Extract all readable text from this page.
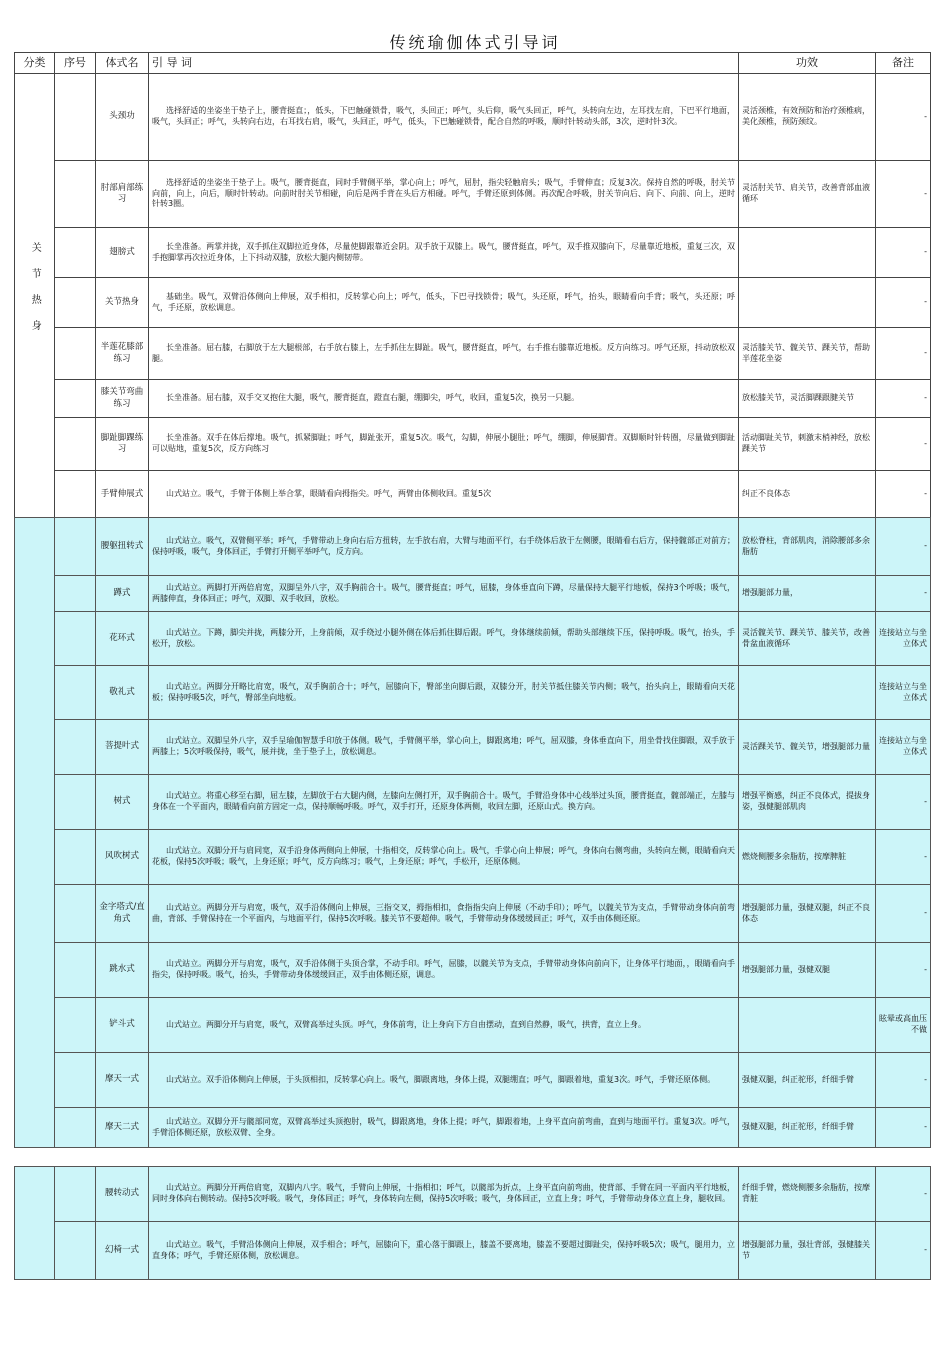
传统瑜伽体式引导词
分类	序号	体式名	引 导 词	功效	备注
关节热身		头颈功	选择舒适的坐姿坐于垫子上，腰背挺直；，低头，下巴触碰锁骨，吸气，头回正；呼气，头后仰，吸气头回正，呼气，头转向左边，左耳找左肩，下巴平行地面，吸气，头回正；呼气，头转向右边，右耳找右肩，吸气，头回正，呼气，低头，下巴触碰锁骨，配合自然的呼吸，顺时针转动头部，3次，逆时针3次。	灵活颈椎，有效预防和治疗颈椎病，美化颈椎，预防颈纹。	-
		肘部肩部练习	选择舒适的坐姿坐于垫子上。吸气，腰背挺直，同时手臂侧平举，掌心向上；呼气，屈肘，指尖轻触肩头；吸气，手臂伸直；反复3次。保持自然的呼吸，肘关节向前，向上，向后，顺时针转动。向前时肘关节相碰，向后是两手背在头后方相碰。呼气，手臂还原到体侧。再次配合呼吸，肘关节向后、向下、向前、向上，逆时针转3圈。	灵活肘关节、肩关节，改善背部血液循环	-
		翅膀式	长坐准备。两掌并拢，双手抓住双脚拉近身体，尽量使脚跟靠近会阴。双手放于双膝上。吸气，腰背挺直，呼气，双手推双膝向下，尽量靠近地板，重复三次，双手抱脚掌再次拉近身体，上下抖动双膝，放松大腿内侧韧带。		-
		关节热身	基础坐。吸气，双臂沿体侧向上伸展，双手相扣，反转掌心向上；呼气，低头，下巴寻找锁骨；吸气，头还原，呼气，抬头，眼睛看向手背；吸气，头还原；呼气，手还原，放松调息。		-
		半莲花膝部练习	长坐准备。屈右膝，右脚放于左大腿根部，右手放右膝上，左手抓住左脚趾。吸气，腰背挺直，呼气，右手推右膝靠近地板。反方向练习。呼气还原，抖动放松双腿。	灵活膝关节、髋关节、踝关节，帮助半莲花坐姿	-
		膝关节弯曲练习	长坐准备。屈右膝，双手交叉抱住大腿，吸气，腰背挺直，蹬直右腿，绷脚尖，呼气，收回，重复5次，换另一只腿。	放松膝关节，灵活脚踝跟腱关节	-
		脚趾脚踝练习	长坐准备。双手在体后撑地。吸气，抓紧脚趾；呼气，脚趾张开，重复5次。吸气，勾脚，伸展小腿肚；呼气，绷脚，伸展脚背。双脚顺时针转圈，尽量做到脚趾可以贴地，重复5次，反方向练习	活动脚趾关节，刺激末梢神经，放松踝关节	-
		手臂伸展式	山式站立。吸气，手臂于体侧上举合掌，眼睛看向拇指尖。呼气，两臂由体侧收回。重复5次	纠正不良体态	-
		腰躯扭转式	山式站立。吸气，双臂侧平举；呼气，手臂带动上身向右后方扭转，左手放右肩，大臂与地面平行，右手绕体后放于左侧腰，眼睛看右后方，保持髋部正对前方；保持呼吸，吸气，身体回正，手臂打开侧平举呼气，反方向。	放松脊柱，背部肌肉，消除腰部多余脂肪	-
		蹲式	山式站立。两脚打开两倍肩宽，双脚呈外八字，双手胸前合十。吸气，腰背挺直；呼气，屈膝，身体垂直向下蹲，尽量保持大腿平行地板，保持3个呼吸；吸气，两膝伸直，身体回正；呼气，双脚、双手收回，放松。	增强腿部力量，	-
		花环式	山式站立。下蹲，脚尖并拢，两膝分开，上身前倾，双手绕过小腿外侧在体后抓住脚后跟。呼气，身体继续前倾，帮助头部继续下压，保持呼吸。吸气，抬头，手松开，放松。	灵活髋关节、踝关节、膝关节，改善骨盆血液循环	连接站立与坐立体式
		敬礼式	山式站立。两脚分开略比肩宽，吸气，双手胸前合十；呼气，屈膝向下，臀部坐向脚后跟，双膝分开，肘关节抵住膝关节内侧；吸气，抬头向上，眼睛看向天花板；保持呼吸5次，呼气，臀部坐向地板。		连接站立与坐立体式
		菩提叶式	山式站立。双脚呈外八字，双手呈瑜伽智慧手印放于体侧。吸气，手臂侧平举，掌心向上，脚跟离地；呼气，屈双膝，身体垂直向下，用坐骨找住脚跟，双手放于两膝上；5次呼吸保持，吸气，展并拢，坐于垫子上，放松调息。	灵活踝关节、髋关节，增强腿部力量	连接站立与坐立体式
		树式	山式站立。将重心移至右脚，屈左膝，左脚放于右大腿内侧，左膝向左侧打开，双手胸前合十。吸气，手臂沿身体中心线举过头顶，腰背挺直，髋部端正，左膝与身体在一个平面内，眼睛看向前方固定一点，保持顺畅呼吸。呼气，双手打开，还原身体两侧，收回左脚，还原山式。换方向。	增强平衡感，纠正不良体式，提拔身姿，强健腿部肌肉	-
		风吹树式	山式站立。双脚分开与肩同宽，双手沿身体两侧向上伸展，十指相交，反转掌心向上。吸气，手掌心向上伸展；呼气，身体向右侧弯曲，头转向左侧，眼睛看向天花板，保持5次呼吸；吸气，上身还原；呼气，反方向练习；吸气，上身还原；呼气，手松开，还原体侧。	燃烧侧腰多余脂肪，按摩脾脏	-
		金字塔式/直角式	山式站立。两脚分开与肩宽，吸气，双手沿体侧向上伸展，三指交叉，拇指相扣，食指指尖向上伸展（不动手印）；呼气，以髋关节为支点，手臂带动身体向前弯曲，背部、手臂保持在一个平面内，与地面平行，保持5次呼吸。膝关节不要超伸。吸气，手臂带动身体缓缓回正；呼气，双手由体侧还原。	增强腿部力量，强健双腿，纠正不良体态	-
		跳水式	山式站立。两脚分开与肩宽，吸气，双手沿体侧于头顶合掌，不动手印。呼气，屈膝，以髋关节为支点，手臂带动身体向前向下，让身体平行地面，，眼睛看向手指尖，保持呼吸。吸气，抬头，手臂带动身体缓缓回正，双手由体侧还原，调息。	增强腿部力量，强健双腿	-
		铲斗式	山式站立。两脚分开与肩宽，吸气，双臂高举过头顶。呼气，身体前弯，让上身向下方自由摆动，直到自然静，吸气，拱背，直立上身。		眩晕或高血压不做
		摩天一式	山式站立。双手沿体侧向上伸展，于头顶相扣，反转掌心向上。吸气，脚跟离地，身体上提，双腿绷直；呼气，脚跟着地，重复3次。呼气，手臂还原体侧。	强健双腿，纠正驼形，纤细手臂	-
		摩天二式	山式站立。双脚分开与髋部同宽，双臂高举过头顶抱肘，吸气，脚跟离地，身体上提；呼气，脚跟着地，上身平直向前弯曲，直到与地面平行。重复3次。呼气，手臂沿体侧还原，放松双臂、全身。	强健双腿，纠正驼形，纤细手臂	-
		腰转动式	山式站立。两脚分开两倍肩宽，双脚内八字。吸气，手臂向上伸展，十指相扣；呼气，以髋部为折点，上身平直向前弯曲，使背部、手臂在同一平面内平行地板，同时身体向右侧转动。保持5次呼吸。吸气，身体回正；呼气，身体转向左侧，保持5次呼吸；吸气，身体回正，立直上身；呼气，手臂带动身体立直上身，腿收回。	纤细手臂，燃烧侧腰多余脂肪，按摩背脏	-
		幻椅一式	山式站立。吸气，手臂沿体侧向上伸展，双手相合；呼气，屈膝向下，重心落于脚跟上，膝盖不要离地，膝盖不要超过脚趾尖，保持呼吸5次；吸气，腿用力，立直身体；呼气，手臂还原体侧，放松调息。	增强腿部力量，强壮背部，强健膝关节	-
